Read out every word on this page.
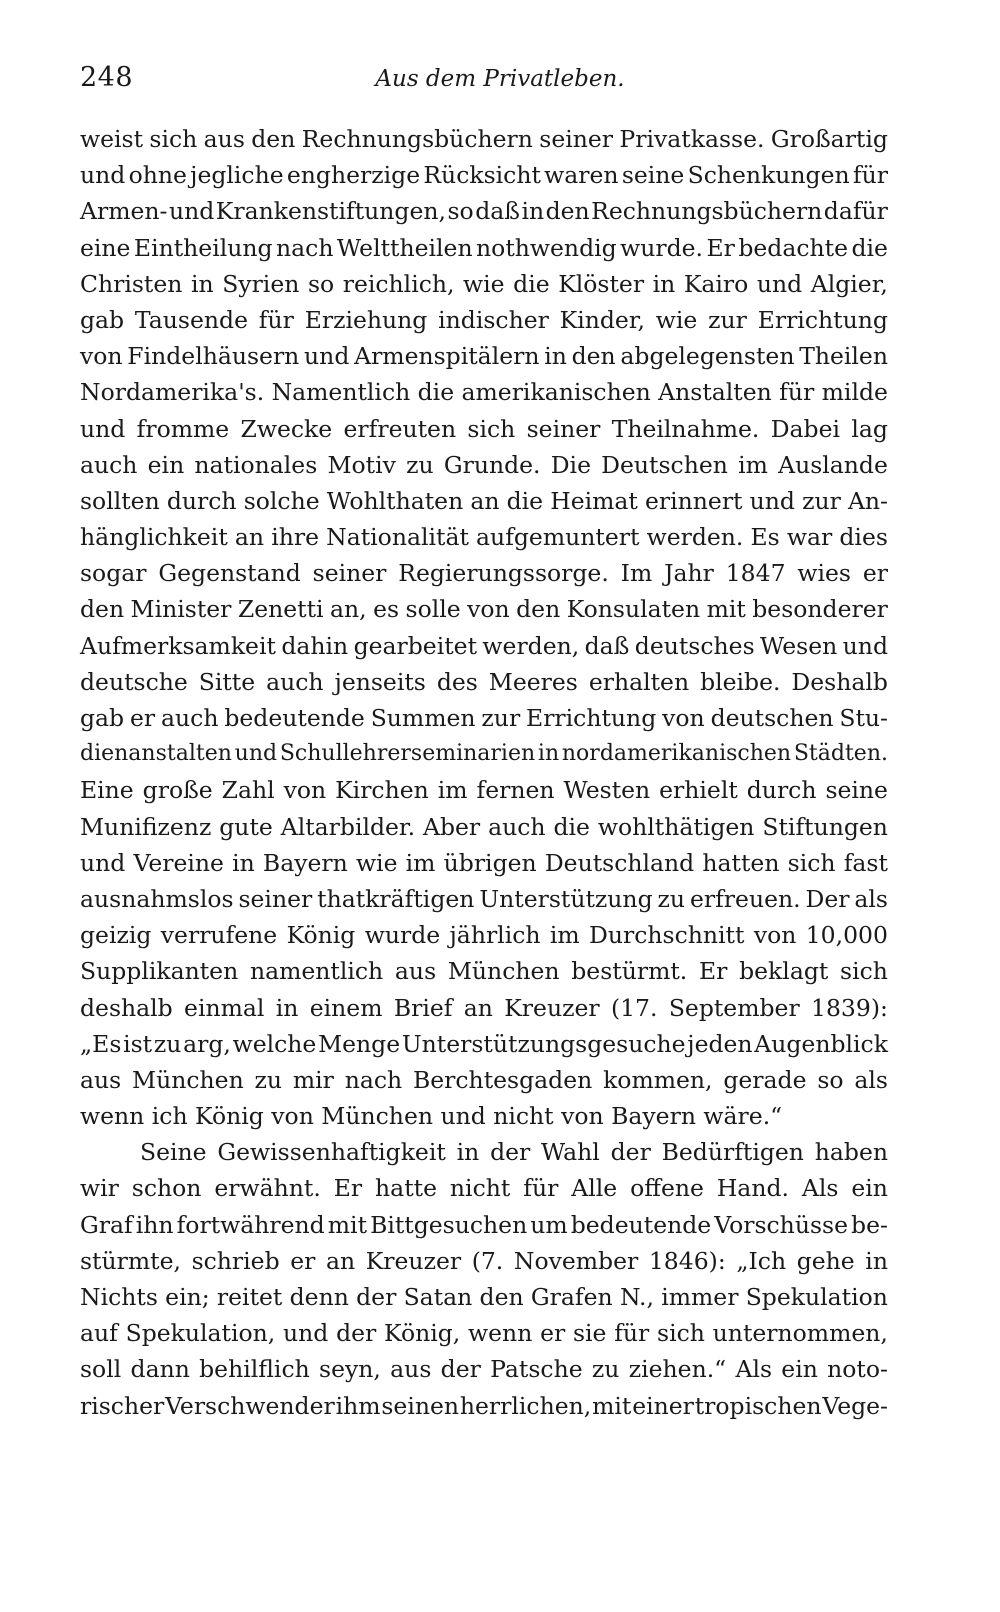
248	Aus dem Privatleben.
weist sich aus den Rechnungsbüchern seiner Privatkasse. Großartig
und ohne jegliche engherzige Rücksicht waren seine Schenkungen für
Armen- und Krankenstiftungen, so daß in den Rechnungsbüchern dafür
eine Eintheilung nach Welttheilen nothwendig wurde. Er bedachte die
Christen in Syrien so reichlich, wie die Klöster in Kairo und Algier,
gab Tausende für Erziehung indischer Kinder, wie zur Errichtung
von Findelhäusern und Armenspitälern in den abgelegensten Theilen
Nordamerika's. Namentlich die amerikanischen Anstalten für milde
und fromme Zwecke erfreuten sich seiner Theilnahme. Dabei lag
auch ein nationales Motiv zu Grunde. Die Deutschen im Auslande
sollten durch solche Wohlthaten an die Heimat erinnert und zur An-
hänglichkeit an ihre Nationalität aufgemuntert werden. Es war dies
sogar Gegenstand seiner Regierungssorge. Im Jahr 1847 wies er
den Minister Zenetti an, es solle von den Konsulaten mit besonderer
Aufmerksamkeit dahin gearbeitet werden, daß deutsches Wesen und
deutsche Sitte auch jenseits des Meeres erhalten bleibe. Deshalb
gab er auch bedeutende Summen zur Errichtung von deutschen Stu-
dienanstalten und Schullehrerseminarien in nordamerikanischen Städten.
Eine große Zahl von Kirchen im fernen Westen erhielt durch seine
Munifizenz gute Altarbilder. Aber auch die wohlthätigen Stiftungen
und Vereine in Bayern wie im übrigen Deutschland hatten sich fast
ausnahmslos seiner thatkräftigen Unterstützung zu erfreuen. Der als
geizig verrufene König wurde jährlich im Durchschnitt von 10,000
Supplikanten namentlich aus München bestürmt. Er beklagt sich
deshalb einmal in einem Brief an Kreuzer (17. September 1839):
„Es ist zu arg, welche Menge Unterstützungsgesuche jeden Augenblick
aus München zu mir nach Berchtesgaden kommen, gerade so als
wenn ich König von München und nicht von Bayern wäre.“
Seine Gewissenhaftigkeit in der Wahl der Bedürftigen haben
wir schon erwähnt. Er hatte nicht für Alle offene Hand. Als ein
Graf ihn fortwährend mit Bittgesuchen um bedeutende Vorschüsse be-
stürmte, schrieb er an Kreuzer (7. November 1846): „Ich gehe in
Nichts ein; reitet denn der Satan den Grafen N., immer Spekulation
auf Spekulation, und der König, wenn er sie für sich unternommen,
soll dann behilflich seyn, aus der Patsche zu ziehen.“ Als ein noto-
rischer Verschwender ihm seinen herrlichen, mit einer tropischen Vege-
